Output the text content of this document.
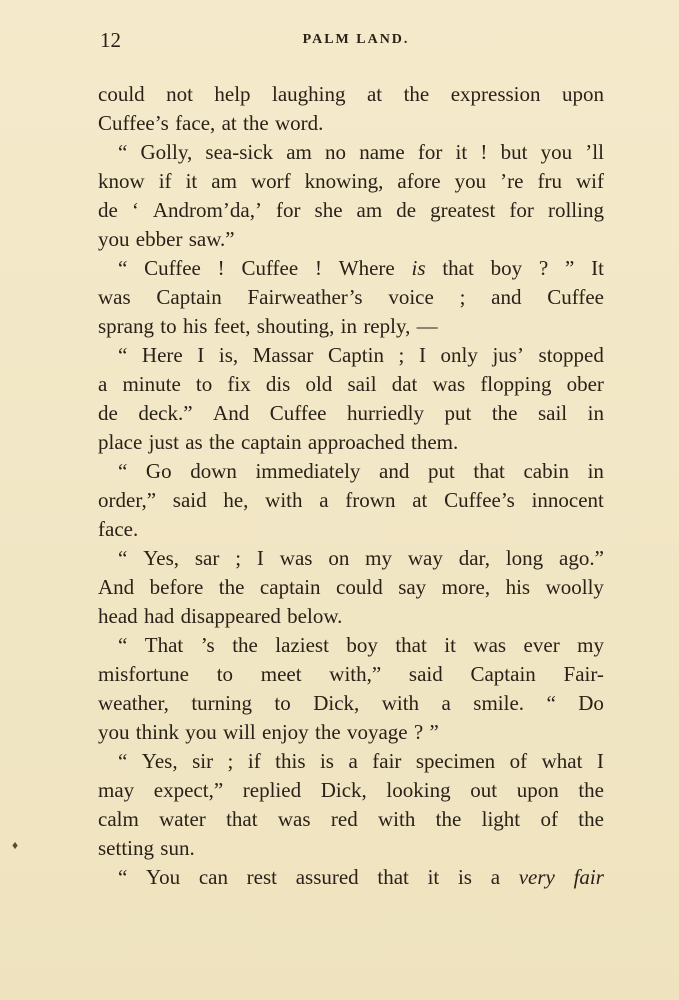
12	PALM LAND.
could not help laughing at the expression upon
Cuffee’s face, at the word.
“ Golly, sea-sick am no name for it ! but you ’ll
know if it am worf knowing, afore you ’re fru wif
de ‘ Androm’da,’ for she am de greatest for rolling
you ebber saw.”
“ Cuffee ! Cuffee ! Where is that boy ? ” It
was Captain Fairweather’s voice ; and Cuffee
sprang to his feet, shouting, in reply, —
“ Here I is, Massar Captin ; I only jus’ stopped
a minute to fix dis old sail dat was flopping ober
de deck.” And Cuffee hurriedly put the sail in
place just as the captain approached them.
“ Go down immediately and put that cabin in
order,” said he, with a frown at Cuffee’s innocent
face.
“ Yes, sar ; I was on my way dar, long ago.”
And before the captain could say more, his woolly
head had disappeared below.
“ That ’s the laziest boy that it was ever my
misfortune to meet with,” said Captain Fair-
weather, turning to Dick, with a smile. “ Do
you think you will enjoy the voyage ? ”
“ Yes, sir ; if this is a fair specimen of what I
may expect,” replied Dick, looking out upon the
calm water that was red with the light of the
setting sun.
“ You can rest assured that it is a very fair
♦
